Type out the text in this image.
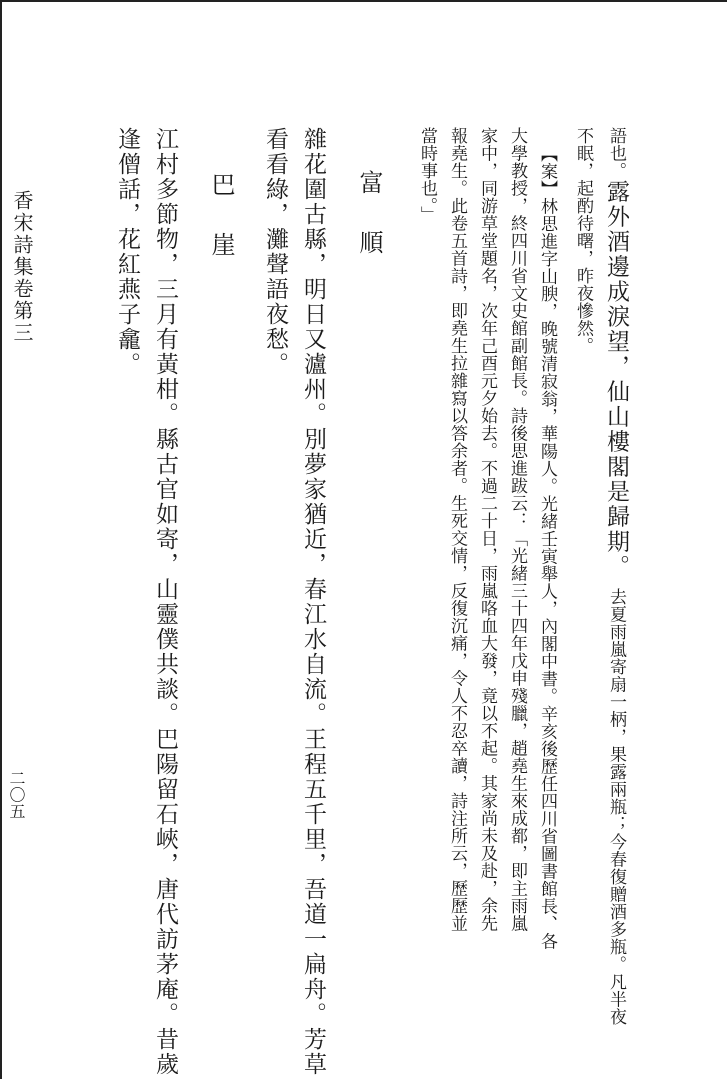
語也。露外酒邊成淚望，仙山樓閣是歸期。去夏雨嵐寄扇一柄，果露兩瓶；今春復贈酒多瓶。凡半夜
不眠，起酌待曙，昨夜慘然。
【案】林思進字山腴，晚號清寂翁，華陽人。光緒壬寅舉人，內閣中書。辛亥後歷任四川省圖書館長、各
大學教授，終四川省文史館副館長。詩後思進跋云：「光緒三十四年戊申殘臘，趙堯生來成都，即主雨嵐
家中，同游草堂題名，次年己酉元夕始去。不過二十日，雨嵐咯血大發，竟以不起。其家尚未及赴，余先
報堯生。此卷五首詩，即堯生拉雜寫以答余者。生死交情，反復沉痛，令人不忍卒讀，詩注所云，歷歷並
當時事也。」
富　順
雜花圍古縣，明日又瀘州。別夢家猶近，春江水自流。王程五千里，吾道一扁舟。芳草
看看綠，灘聲語夜愁。
巴　崖
江村多節物，三月有黃柑。縣古官如寄，山靈僕共談。巴陽留石峽，唐代訪茅庵。昔歲
逢僧話，花紅燕子龕。
香宋詩集卷第三
二〇五
